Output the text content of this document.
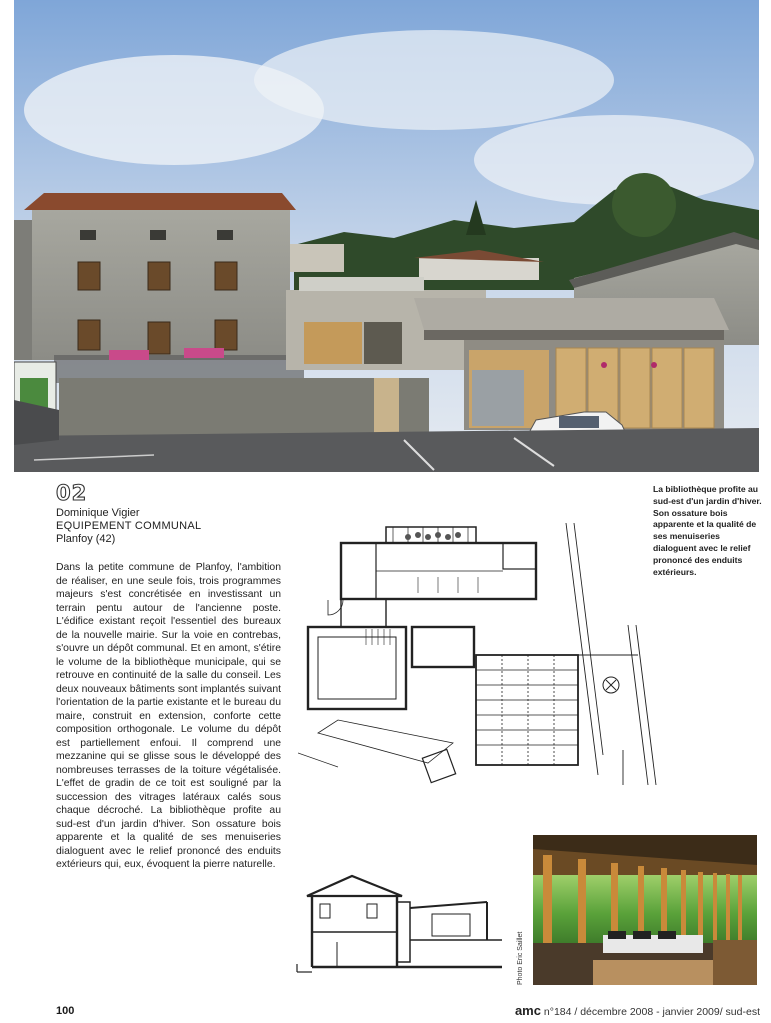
02
Dominique Vigier
EQUIPEMENT COMMUNAL
Planfoy (42)

Dans la petite commune de Planfoy, l'ambition de réaliser, en une seule fois, trois programmes majeurs s'est concrétisée en investissant un terrain pentu autour de l'ancienne poste. L'édifice existant reçoit l'essentiel des bureaux de la nouvelle mairie. Sur la voie en contrebas, s'ouvre un dépôt communal. Et en amont, s'étire le volume de la bibliothèque municipale, qui se retrouve en continuité de la salle du conseil. Les deux nouveaux bâtiments sont implantés suivant l'orientation de la partie existante et le bureau du maire, construit en extension, conforte cette composition orthogonale. Le volume du dépôt est partiellement enfoui. Il comprend une mezzanine qui se glisse sous le développé des nombreuses terrasses de la toiture végétalisée. L'effet de gradin de ce toit est souligné par la succession des vitrages latéraux calés sous chaque décroché. La bibliothèque profite au sud-est d'un jardin d'hiver. Son ossature bois apparente et la qualité de ses menuiseries dialoguent avec le relief prononcé des enduits extérieurs qui, eux, évoquent la pierre naturelle.

La bibliothèque profite au sud-est d'un jardin d'hiver. Son ossature bois apparente et la qualité de ses menuiseries dialoguent avec le relief prononcé des enduits extérieurs.

Photo Eric Saillet
100	amc n°184 / décembre 2008 - janvier 2009/ sud-est
